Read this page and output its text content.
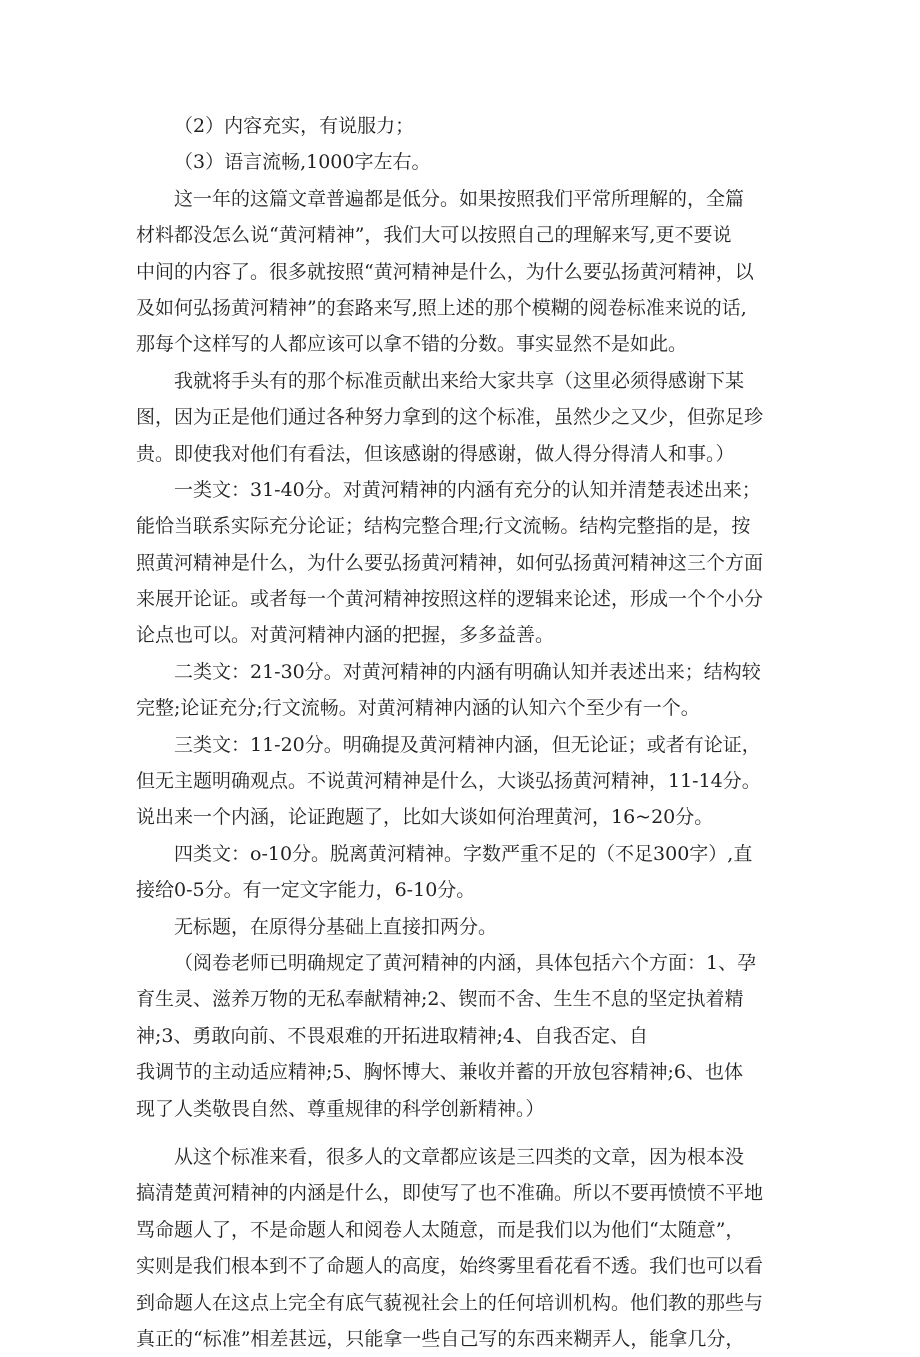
（2）内容充实，有说服力；
（3）语言流畅,1000字左右。
这一年的这篇文章普遍都是低分。如果按照我们平常所理解的，全篇
材料都没怎么说“黄河精神”，我们大可以按照自己的理解来写,更不要说
中间的内容了。很多就按照“黄河精神是什么，为什么要弘扬黄河精神，以
及如何弘扬黄河精神”的套路来写,照上述的那个模糊的阅卷标准来说的话,
那每个这样写的人都应该可以拿不错的分数。事实显然不是如此。
我就将手头有的那个标准贡献出来给大家共享（这里必须得感谢下某
图，因为正是他们通过各种努力拿到的这个标准，虽然少之又少，但弥足珍
贵。即使我对他们有看法，但该感谢的得感谢，做人得分得清人和事。）
一类文：31-40分。对黄河精神的内涵有充分的认知并清楚表述出来；
能恰当联系实际充分论证；结构完整合理;行文流畅。结构完整指的是，按
照黄河精神是什么，为什么要弘扬黄河精神，如何弘扬黄河精神这三个方面
来展开论证。或者每一个黄河精神按照这样的逻辑来论述，形成一个个小分
论点也可以。对黄河精神内涵的把握，多多益善。
二类文：21-30分。对黄河精神的内涵有明确认知并表述出来；结构较
完整;论证充分;行文流畅。对黄河精神内涵的认知六个至少有一个。
三类文：11-20分。明确提及黄河精神内涵，但无论证；或者有论证，
但无主题明确观点。不说黄河精神是什么，大谈弘扬黄河精神，11-14分。
说出来一个内涵，论证跑题了，比如大谈如何治理黄河，16~20分。
四类文：o-10分。脱离黄河精神。字数严重不足的（不足300字）,直
接给0-5分。有一定文字能力，6-10分。
无标题，在原得分基础上直接扣两分。
（阅卷老师已明确规定了黄河精神的内涵，具体包括六个方面：1、孕
育生灵、滋养万物的无私奉献精神;2、锲而不舍、生生不息的坚定执着精
神;3、勇敢向前、不畏艰难的开拓进取精神;4、自我否定、自
我调节的主动适应精神;5、胸怀博大、兼收并蓄的开放包容精神;6、也体
现了人类敬畏自然、尊重规律的科学创新精神。）
从这个标准来看，很多人的文章都应该是三四类的文章，因为根本没
搞清楚黄河精神的内涵是什么，即使写了也不准确。所以不要再愤愤不平地
骂命题人了，不是命题人和阅卷人太随意，而是我们以为他们“太随意”，
实则是我们根本到不了命题人的高度，始终雾里看花看不透。我们也可以看
到命题人在这点上完全有底气藐视社会上的任何培训机构。他们教的那些与
真正的“标准”相差甚远，只能拿一些自己写的东西来糊弄人，能拿几分，
